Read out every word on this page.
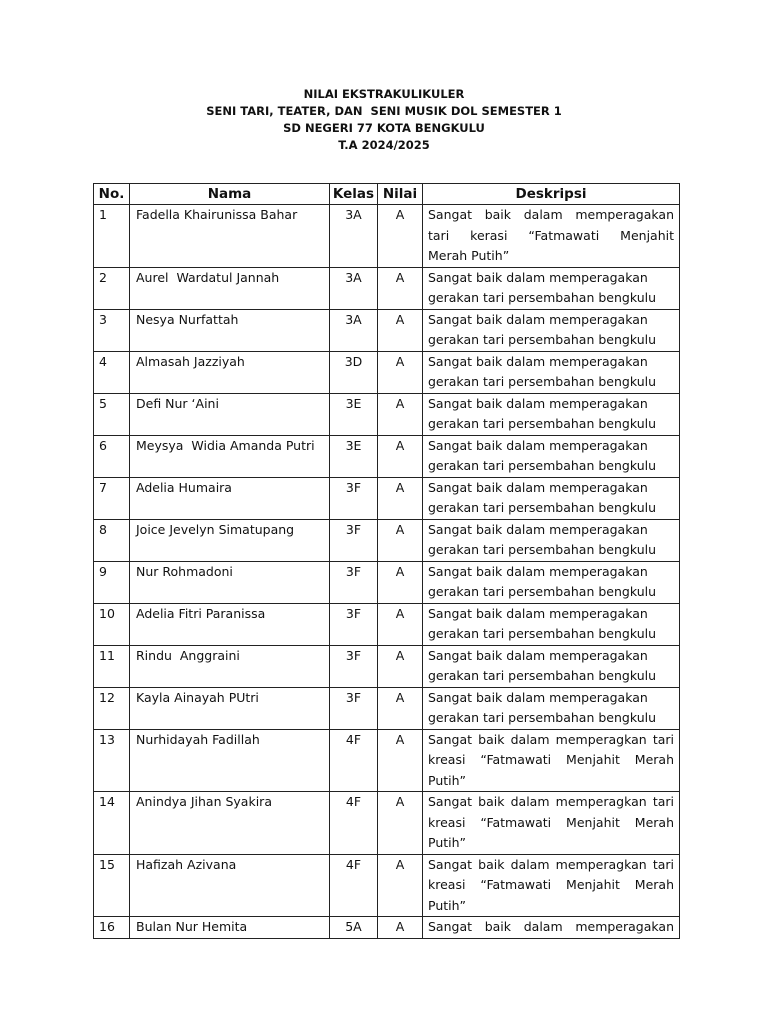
NILAI EKSTRAKULIKULER
SENI TARI, TEATER, DAN  SENI MUSIK DOL SEMESTER 1
SD NEGERI 77 KOTA BENGKULU
T.A 2024/2025
No.	Nama	Kelas	Nilai	Deskripsi
1	Fadella Khairunissa Bahar	3A	A	Sangat baik dalam memperagakan
tari kerasi “Fatmawati Menjahit
Merah Putih”

2	Aurel  Wardatul Jannah	3A	A	Sangat baik dalam memperagakan
gerakan tari persembahan bengkulu

3	Nesya Nurfattah	3A	A	Sangat baik dalam memperagakan
gerakan tari persembahan bengkulu

4	Almasah Jazziyah	3D	A	Sangat baik dalam memperagakan
gerakan tari persembahan bengkulu

5	Defi Nur ‘Aini	3E	A	Sangat baik dalam memperagakan
gerakan tari persembahan bengkulu

6	Meysya  Widia Amanda Putri	3E	A	Sangat baik dalam memperagakan
gerakan tari persembahan bengkulu

7	Adelia Humaira	3F	A	Sangat baik dalam memperagakan
gerakan tari persembahan bengkulu

8	Joice Jevelyn Simatupang	3F	A	Sangat baik dalam memperagakan
gerakan tari persembahan bengkulu

9	Nur Rohmadoni	3F	A	Sangat baik dalam memperagakan
gerakan tari persembahan bengkulu

10	Adelia Fitri Paranissa	3F	A	Sangat baik dalam memperagakan
gerakan tari persembahan bengkulu

11	Rindu  Anggraini	3F	A	Sangat baik dalam memperagakan
gerakan tari persembahan bengkulu

12	Kayla Ainayah PUtri	3F	A	Sangat baik dalam memperagakan
gerakan tari persembahan bengkulu

13	Nurhidayah Fadillah	4F	A	Sangat baik dalam memperagkan tari
kreasi “Fatmawati Menjahit Merah
Putih”

14	Anindya Jihan Syakira	4F	A	Sangat baik dalam memperagkan tari
kreasi “Fatmawati Menjahit Merah
Putih”

15	Hafizah Azivana	4F	A	Sangat baik dalam memperagkan tari
kreasi “Fatmawati Menjahit Merah
Putih”

16	Bulan Nur Hemita	5A	A	Sangat baik dalam memperagakan
